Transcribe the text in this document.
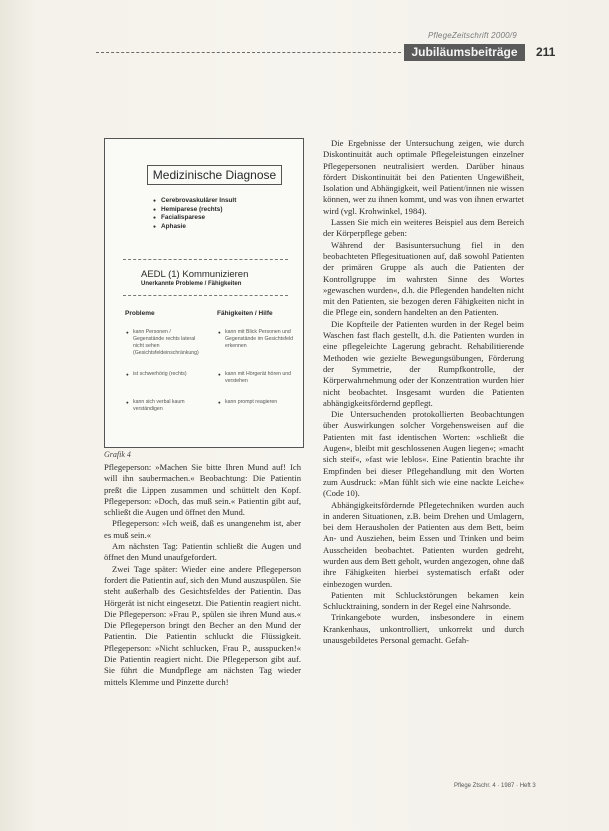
PflegeZeitschrift 2000/9
Jubiläumsbeiträge	211
Medizinische Diagnose
● Cerebrovaskulärer Insult
● Hemiparese (rechts)
● Facialisparese
● Aphasie
AEDL (1) Kommunizieren
Unerkannte Probleme / Fähigkeiten
Probleme	Fähigkeiten / Hilfe
● kann Personen / Gegenstände rechts lateral nicht sehen (Gesichtsfeldeinschränkung)
● kann mit Blick Personen und Gegenstände im Gesichtsfeld erkennen
● ist schwerhörig (rechts)
●	kann mit Hörgerät hören und verstehen
● kann sich verbal kaum verständigen
● kann prompt reagieren
Grafik 4

Pflegeperson: »Machen Sie bitte Ihren Mund auf! Ich will ihn saubermachen.« Beobachtung: Die Patientin preßt die Lippen zusammen und schüttelt den Kopf. Pflegeperson: »Doch, das muß sein.« Patientin gibt auf, schließt die Augen und öffnet den Mund.

Pflegeperson: »Ich weiß, daß es unangenehm ist, aber es muß sein.«

Am nächsten Tag: Patientin schließt die Augen und öffnet den Mund unaufgefordert.

Zwei Tage später: Wieder eine andere Pflegeperson fordert die Patientin auf, sich den Mund auszuspülen. Sie steht außerhalb des Gesichtsfeldes der Patientin. Das Hörgerät ist nicht eingesetzt. Die Patientin reagiert nicht. Die Pflegeperson: »Frau P., spülen sie ihren Mund aus.« Die Pflegeperson bringt den Becher an den Mund der Patientin. Die Patientin schluckt die Flüssigkeit. Pflegeperson: »Nicht schlucken, Frau P., ausspucken!« Die Patientin reagiert nicht. Die Pflegeperson gibt auf. Sie führt die Mundpflege am nächsten Tag wieder mittels Klemme und Pinzette durch!

Die Ergebnisse der Untersuchung zeigen, wie durch Diskontinuität auch optimale Pflegeleistungen einzelner Pflegepersonen neutralisiert werden. Darüber hinaus fördert Diskontinuität bei den Patienten Ungewißheit, Isolation und Abhängigkeit, weil Patient/innen nie wissen können, wer zu ihnen kommt, und was von ihnen erwartet wird (vgl. Krohwinkel, 1984).

Lassen Sie mich ein weiteres Beispiel aus dem Bereich der Körperpflege geben:

Während der Basisuntersuchung fiel in den beobachteten Pflegesituationen auf, daß sowohl Patienten der primären Gruppe als auch die Patienten der Kontrollgruppe im wahrsten Sinne des Wortes »gewaschen wurden«, d.h. die Pflegenden handelten nicht mit den Patienten, sie bezogen deren Fähigkeiten nicht in die Pflege ein, sondern handelten an den Patienten.

Die Kopfteile der Patienten wurden in der Regel beim Waschen fast flach gestellt, d.h. die Patienten wurden in eine pflegeleichte Lagerung gebracht. Rehabilitierende Methoden wie gezielte Bewegungsübungen, Förderung der Symmetrie, der Rumpfkontrolle, der Körperwahrnehmung oder der Konzentration wurden hier nicht beobachtet. Insgesamt wurden die Patienten abhängigkeitsfördernd gepflegt.

Die Untersuchenden protokollierten Beobachtungen über Auswirkungen solcher Vorgehensweisen auf die Patienten mit fast identischen Worten: »schließt die Augen«, bleibt mit geschlossenen Augen liegen«; »macht sich steif«, »fast wie leblos«. Eine Patientin brachte ihr Empfinden bei dieser Pflegehandlung mit den Worten zum Ausdruck: »Man fühlt sich wie eine nackte Leiche« (Code 10).

Abhängigkeitsfördernde Pflegetechniken wurden auch in anderen Situationen, z.B. beim Drehen und Umlagern, bei dem Herausholen der Patienten aus dem Bett, beim An- und Ausziehen, beim Essen und Trinken und beim Ausscheiden beobachtet. Patienten wurden gedreht, wurden aus dem Bett geholt, wurden angezogen, ohne daß ihre Fähigkeiten hierbei systematisch erfaßt oder einbezogen wurden.

Patienten mit Schluckstörungen bekamen kein Schlucktraining, sondern in der Regel eine Nahrsonde.

Trinkangebote wurden, insbesondere in einem Krankenhaus, unkontrolliert, unkorrekt und durch unausgebildetes Personal gemacht. Gefah-

Pflege Ztschr. 4 · 1987 · Heft 3
